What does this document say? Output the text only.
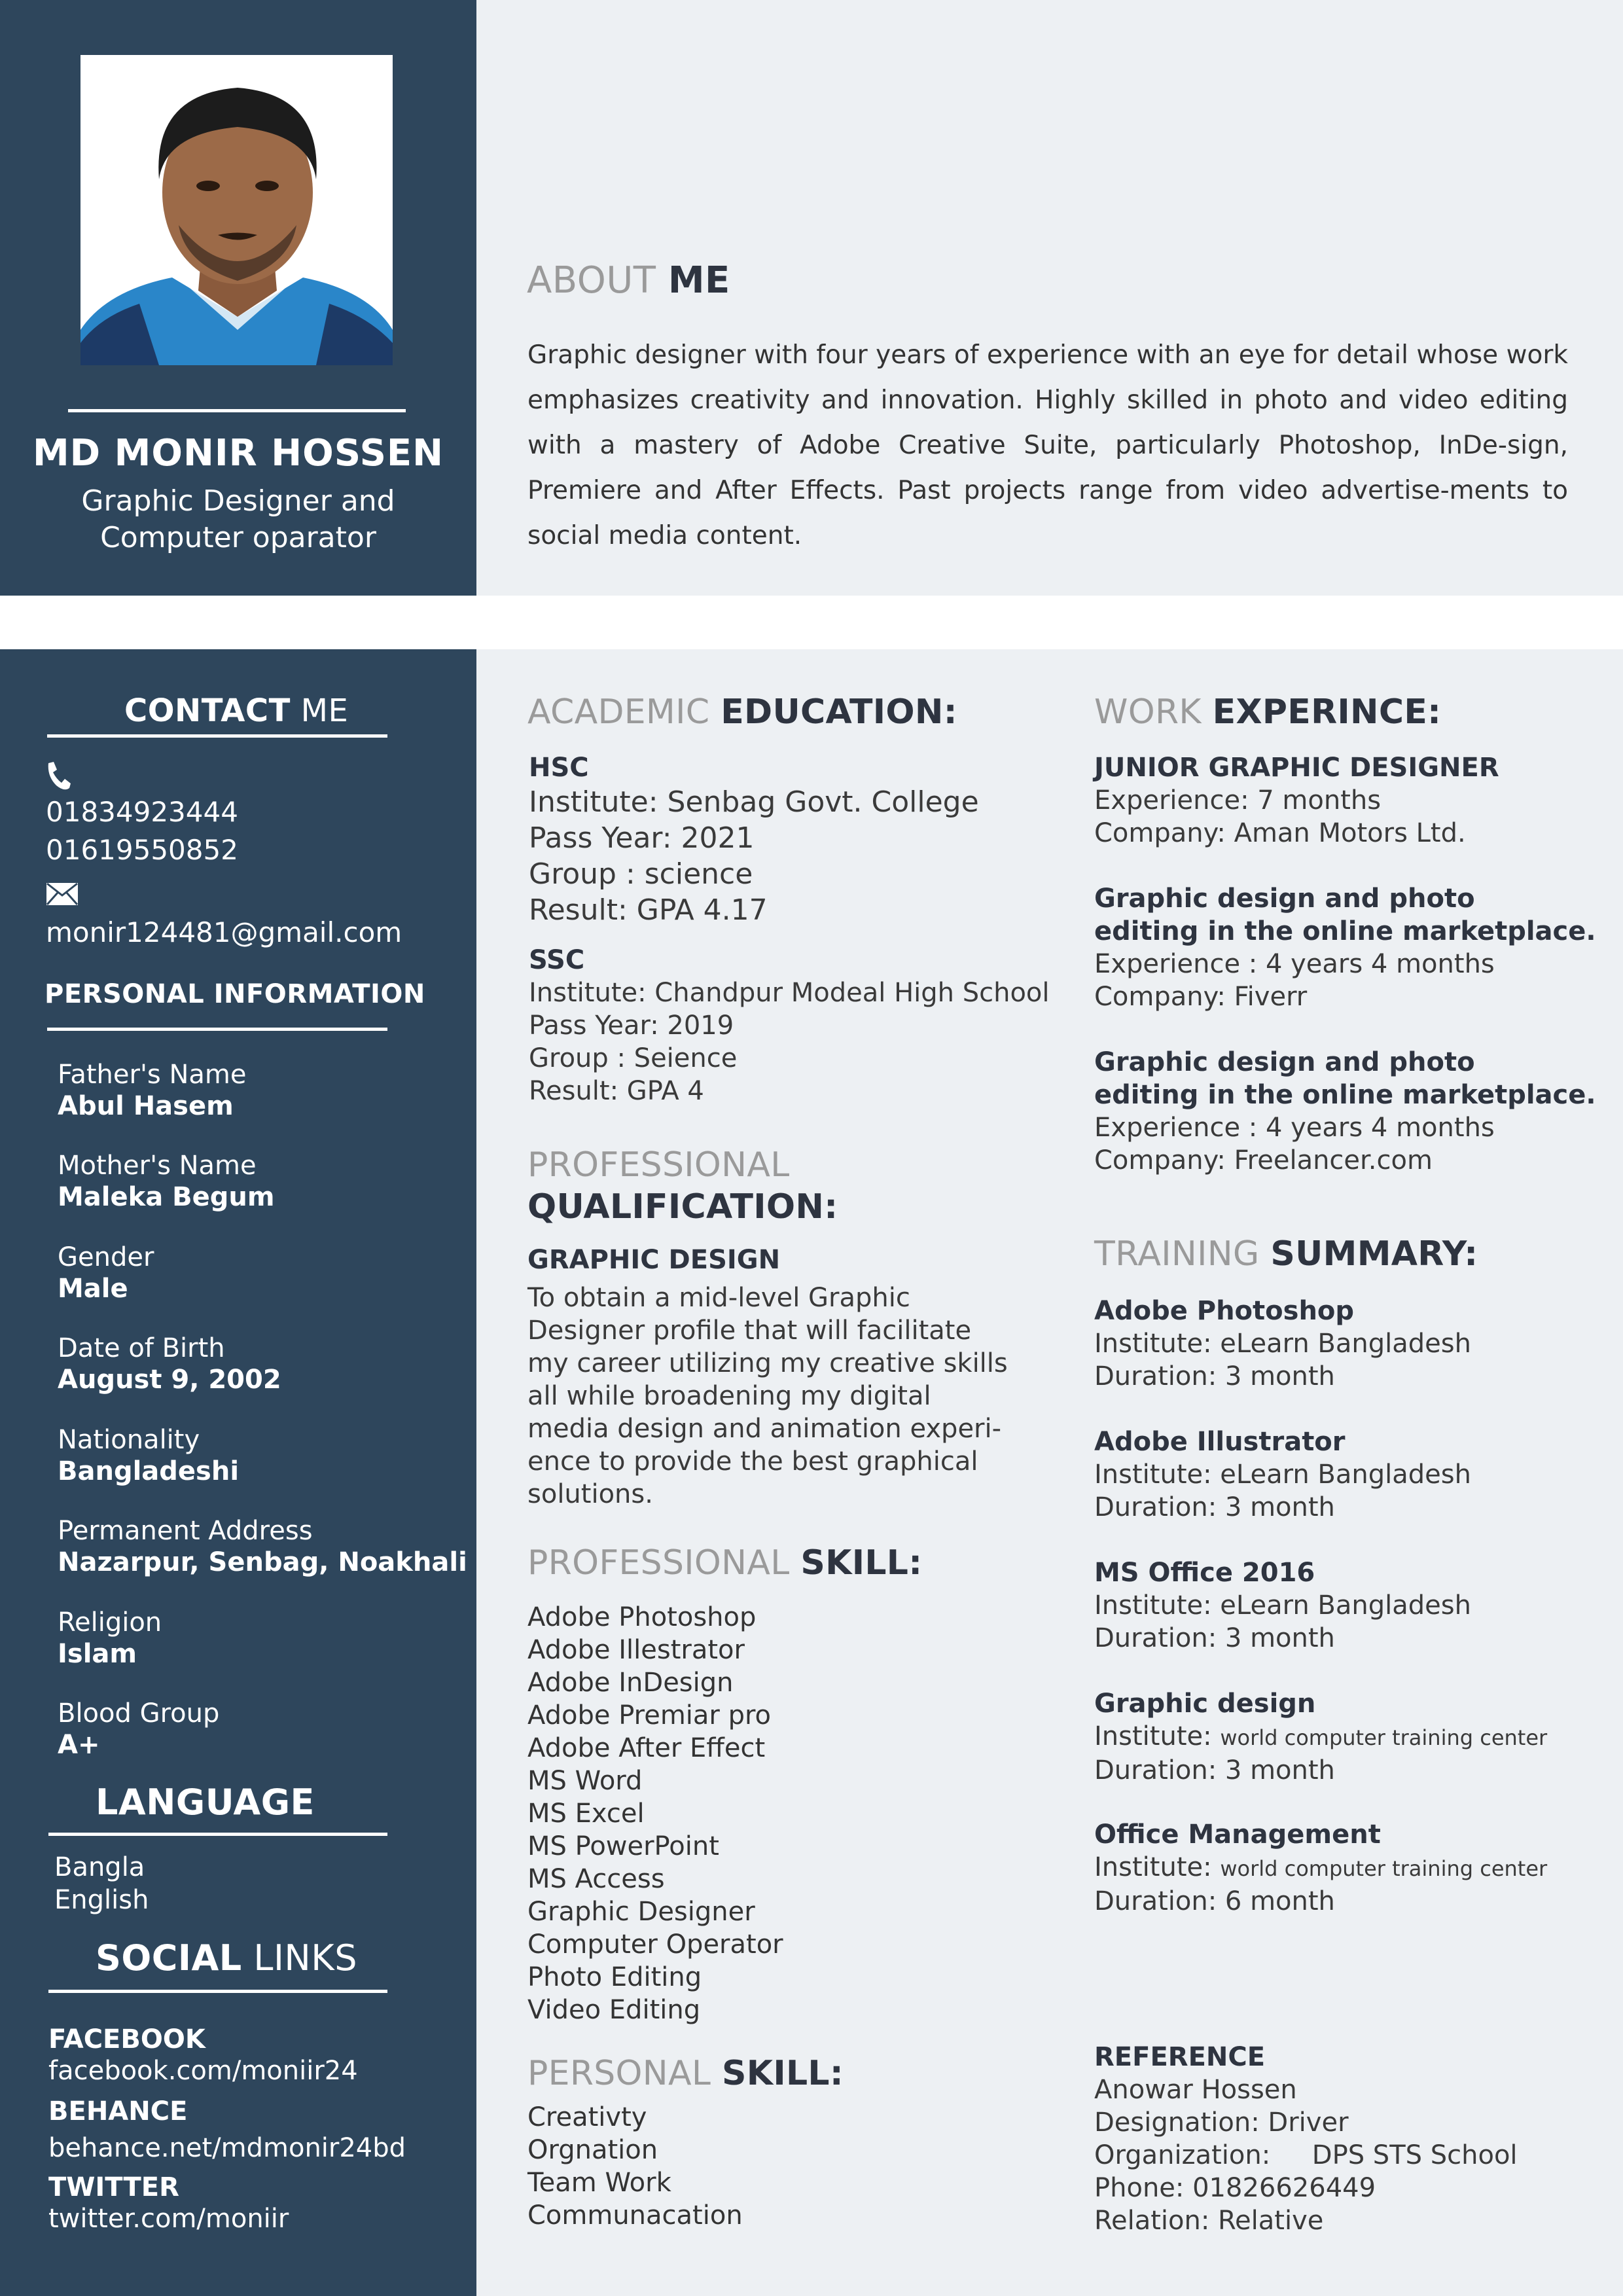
MD MONIR HOSSEN
Graphic Designer and
Computer oparator
ABOUT ME
Graphic designer with four years of experience with an eye for detail whose work emphasizes creativity and innovation. Highly skilled in photo and video editing with a mastery of Adobe Creative Suite, particularly Photoshop, InDe-sign, Premiere and After Effects. Past projects range from video advertise-ments to social media content.
CONTACT ME
01834923444
01619550852
monir124481@gmail.com
PERSONAL INFORMATION
Father's Name
Abul Hasem
Mother's Name
Maleka Begum
Gender
Male
Date of Birth
August 9, 2002
Nationality
Bangladeshi
Permanent Address
Nazarpur, Senbag, Noakhali
Religion
Islam
Blood Group
A+
LANGUAGE
Bangla
English
SOCIAL LINKS
FACEBOOK
facebook.com/moniir24
BEHANCE
behance.net/mdmonir24bd
TWITTER
twitter.com/moniir
ACADEMIC EDUCATION:
HSC
Institute: Senbag Govt. College
Pass Year: 2021
Group : science
Result: GPA 4.17
SSC
Institute: Chandpur Modeal High School
Pass Year: 2019
Group : Seience
Result: GPA 4
PROFESSIONAL
QUALIFICATION:
GRAPHIC DESIGN
To obtain a mid-level Graphic
Designer profile that will facilitate
my career utilizing my creative skills
all while broadening my digital
media design and animation experi-
ence to provide the best graphical
solutions.
PROFESSIONAL SKILL:
Adobe Photoshop
Adobe Illestrator
Adobe InDesign
Adobe Premiar pro
Adobe After Effect
MS Word
MS Excel
MS PowerPoint
MS Access
Graphic Designer
Computer Operator
Photo Editing
Video Editing
PERSONAL SKILL:
Creativty
Orgnation
Team Work
Communacation
WORK EXPERINCE:
JUNIOR GRAPHIC DESIGNER
Experience: 7 months
Company: Aman Motors Ltd.
Graphic design and photo
editing in the online marketplace.
Experience : 4 years 4 months
Company: Fiverr
Graphic design and photo
editing in the online marketplace.
Experience : 4 years 4 months
Company: Freelancer.com
TRAINING SUMMARY:
Adobe Photoshop
Institute: eLearn Bangladesh
Duration: 3 month
Adobe Illustrator
Institute: eLearn Bangladesh
Duration: 3 month
MS Office 2016
Institute: eLearn Bangladesh
Duration: 3 month
Graphic design
Institute: world computer training center
Duration: 3 month
Office Management
Institute: world computer training center
Duration: 6 month
REFERENCE
Anowar Hossen
Designation: Driver
Organization:     DPS STS School
Phone: 01826626449
Relation: Relative
